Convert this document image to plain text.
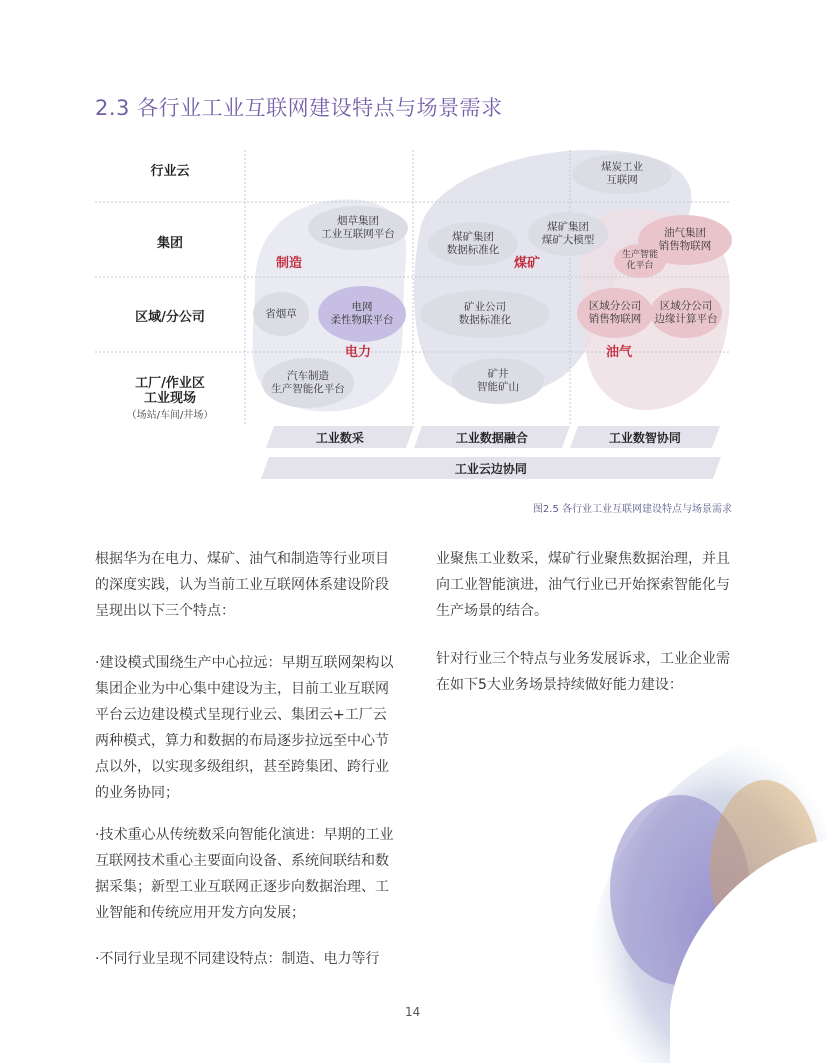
2.3 各行业工业互联网建设特点与场景需求
行业云
集团
区域/分公司
工厂/作业区
工业现场
（场站/车间/井场）
煤炭工业
互联网
烟草集团
工业互联网平台	煤矿集团
数据标准化
煤矿集团
煤矿大模型
油气集团
销售物联网
生产智能
化平台
省烟草
电网
柔性物联平台
矿业公司
数据标准化
区域分公司
销售物联网
区域分公司
边缘计算平台
汽车制造
生产智能化平台
矿井
智能矿山
制造	煤矿
电力	油气
工业数采	工业数据融合	工业数智协同
工业云边协同
图2.5 各行业工业互联网建设特点与场景需求
根据华为在电力、煤矿、油气和制造等行业项目的深度实践，认为当前工业互联网体系建设阶段呈现出以下三个特点：
·建设模式围绕生产中心拉远：早期互联网架构以集团企业为中心集中建设为主，目前工业互联网平台云边建设模式呈现行业云、集团云+工厂云两种模式，算力和数据的布局逐步拉远至中心节点以外，以实现多级组织，甚至跨集团、跨行业的业务协同；
·技术重心从传统数采向智能化演进：早期的工业互联网技术重心主要面向设备、系统间联结和数据采集；新型工业互联网正逐步向数据治理、工业智能和传统应用开发方向发展；
·不同行业呈现不同建设特点：制造、电力等行
业聚焦工业数采，煤矿行业聚焦数据治理，并且向工业智能演进，油气行业已开始探索智能化与生产场景的结合。
针对行业三个特点与业务发展诉求，工业企业需在如下5大业务场景持续做好能力建设：
14
